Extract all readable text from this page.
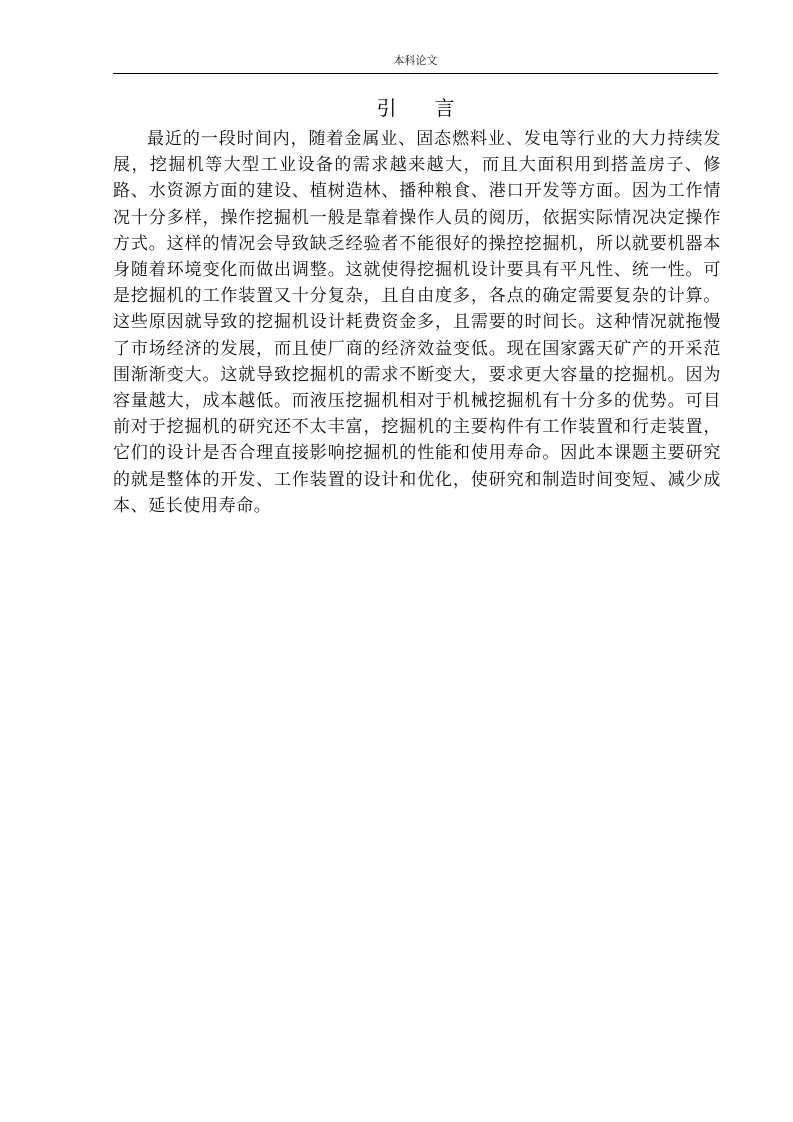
本科论文
引言

最近的一段时间内，随着金属业、固态燃料业、发电等行业的大力持续发展，挖掘机等大型工业设备的需求越来越大，而且大面积用到搭盖房子、修路、水资源方面的建设、植树造林、播种粮食、港口开发等方面。因为工作情况十分多样，操作挖掘机一般是靠着操作人员的阅历，依据实际情况决定操作方式。这样的情况会导致缺乏经验者不能很好的操控挖掘机，所以就要机器本身随着环境变化而做出调整。这就使得挖掘机设计要具有平凡性、统一性。可是挖掘机的工作装置又十分复杂，且自由度多，各点的确定需要复杂的计算。这些原因就导致的挖掘机设计耗费资金多，且需要的时间长。这种情况就拖慢了市场经济的发展，而且使厂商的经济效益变低。现在国家露天矿产的开采范围渐渐变大。这就导致挖掘机的需求不断变大，要求更大容量的挖掘机。因为容量越大，成本越低。而液压挖掘机相对于机械挖掘机有十分多的优势。可目前对于挖掘机的研究还不太丰富，挖掘机的主要构件有工作装置和行走装置，它们的设计是否合理直接影响挖掘机的性能和使用寿命。因此本课题主要研究的就是整体的开发、工作装置的设计和优化，使研究和制造时间变短、减少成本、延长使用寿命。
